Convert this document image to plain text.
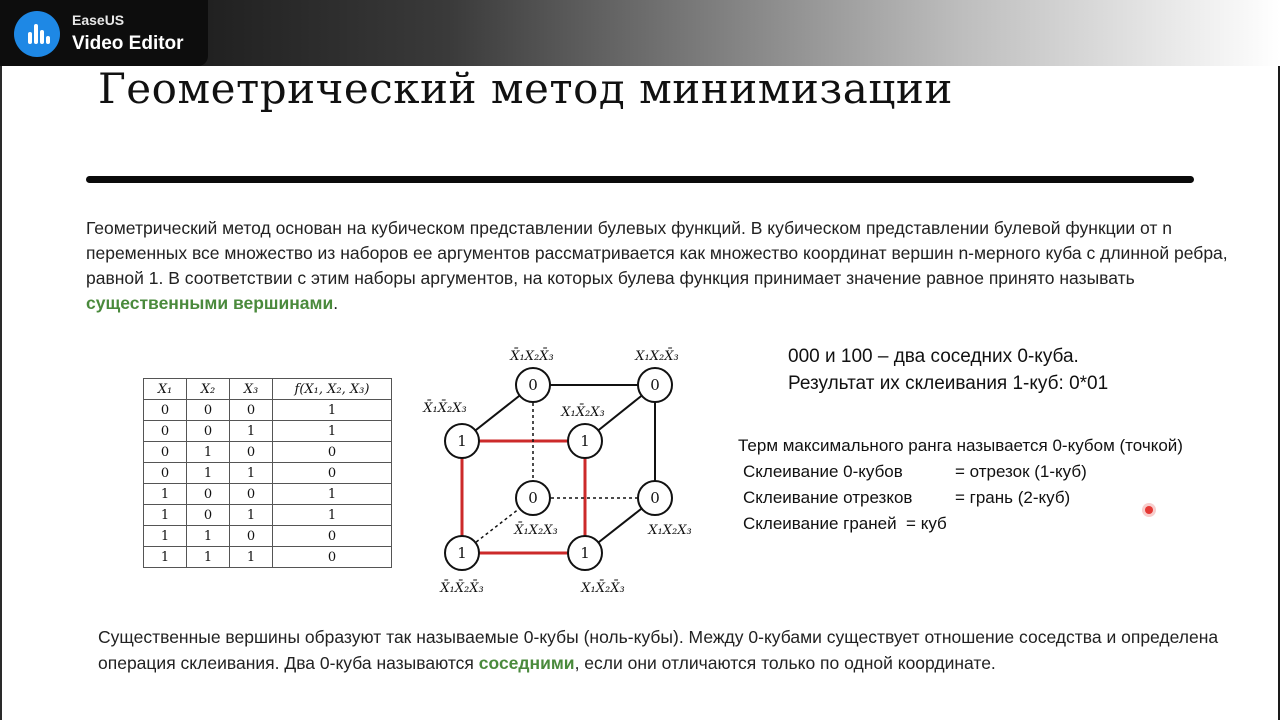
EaseUS
Video Editor
Геометрический метод минимизации
Геометрический метод основан на кубическом представлении булевых функций. В кубическом представлении булевой функции от n переменных все множество из наборов ее аргументов рассматривается как множество координат вершин n-мерного куба с длинной ребра, равной 1. В соответствии с этим наборы аргументов, на которых булева функция принимает значение равное принято называть существенными вершинами.
X₁	X₂	X₃	f(X₁, X₂, X₃)
0	0	0	1
0	0	1	1
0	1	0	0
0	1	1	0
1	0	0	1
1	0	1	1
1	1	0	0
1	1	1	0
0
X̄₁X₂X̄₃
0
X₁X₂X̄₃
1
X̄₁X̄₂X₃
1
X₁X̄₂X₃
0
X̄₁X₂X₃
0
X₁X₂X₃
1
X̄₁X̄₂X̄₃
1
X₁X̄₂X̄₃
000 и 100 – два соседних 0-куба.
Результат их склеивания 1-куб: 0*01
Терм максимального ранга называется 0-кубом (точкой)
Склеивание 0-кубов	= отрезок (1-куб)
Склеивание отрезков	= грань (2-куб)
Склеивание граней = куб
Существенные вершины образуют так называемые 0-кубы (ноль-кубы). Между 0-кубами существует отношение соседства и определена операция склеивания. Два 0-куба называются соседними, если они отличаются только по одной координате.
